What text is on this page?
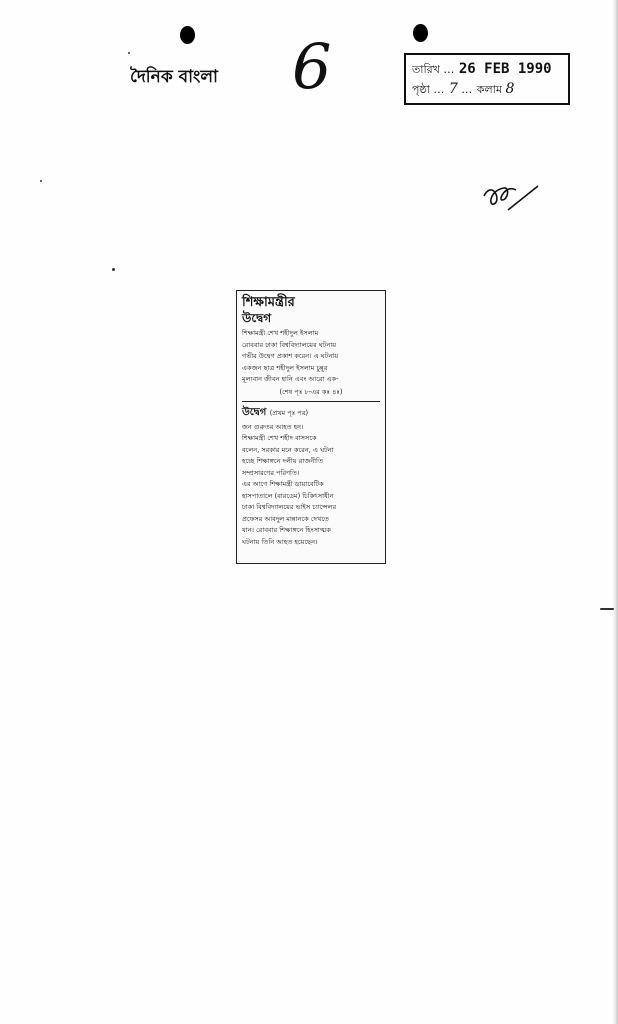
দৈনিক বাংলা 6	তারিখ … 26 FEB 1990
পৃষ্ঠা … 7 … কলাম 8
শিক্ষামন্ত্রীর
উদ্বেগ
শিক্ষামন্ত্রী শেখ শহীদুল ইসলাম
রোববার ঢাকা বিশ্ববিদ্যালয়ের ঘটনায়
গভীর উদ্বেগ প্রকাশ করেন। এ ঘটনায়
একজন ছাত্র শহীদুল ইসলাম চুন্নুর
মূল্যবান জীবন হানি এবং আরো এক-
(শেষ পৃঃ ৮-এর কঃ ৪ঃ)
উদ্বেগ (প্রথম পৃঃ পর)
জন গুরুতর আহত হন।
শিক্ষামন্ত্রী শেখ শহীদ বাসসকে
বলেন, সরকার মনে করেন, এ ঘটনা
হচ্ছে শিক্ষাঙ্গনে দলীয় রাজনীতি
সম্প্রসারণের পরিণতি।
এর আগে শিক্ষামন্ত্রী ডায়াবেটিক
হাসপাতালে (বারডেম) চিকিৎসাধীন
ঢাকা বিশ্ববিদ্যালয়ের ভাইস চ্যান্সেলর
প্রফেসর আবদুল মান্নানকে দেখতে
যান। রোববার শিক্ষাঙ্গনে হিংসাত্মক
ঘটনায় তিনি আহত হয়েছেন।
